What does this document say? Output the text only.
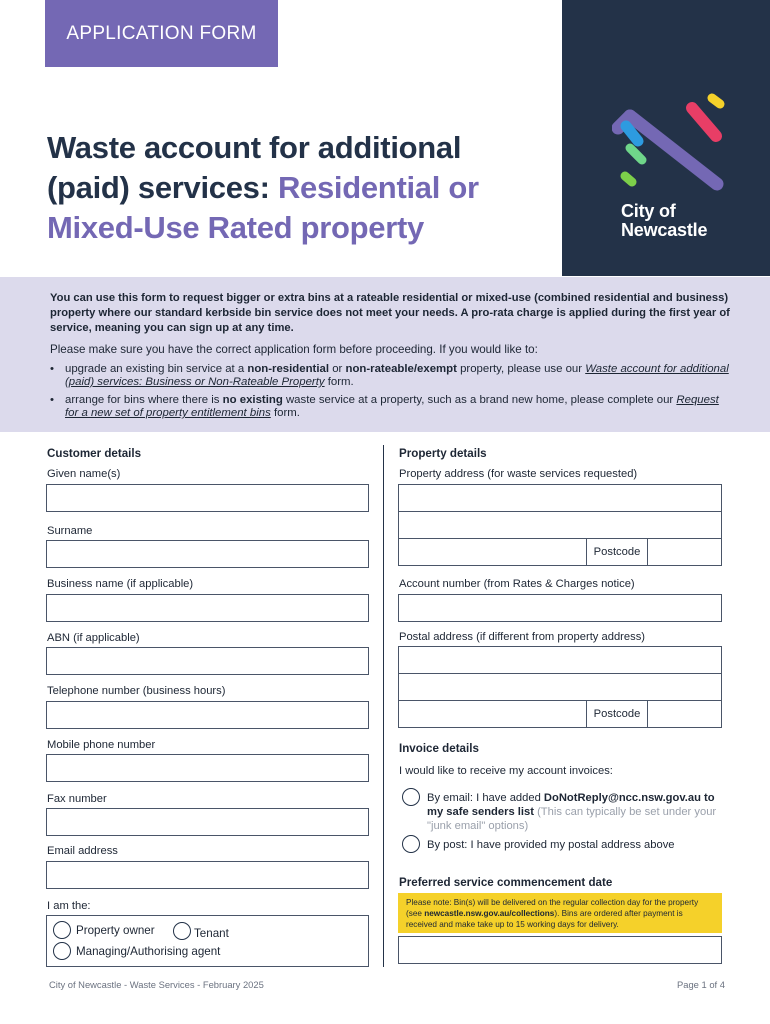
APPLICATION FORM
City of
Newcastle
Waste account for additional (paid) services: Residential or Mixed-Use Rated property

You can use this form to request bigger or extra bins at a rateable residential or mixed-use (combined residential and business) property where our standard kerbside bin service does not meet your needs. A pro-rata charge is applied during the first year of service, meaning you can sign up at any time.

Please make sure you have the correct application form before proceeding. If you would like to:

• upgrade an existing bin service at a non-residential or non-rateable/exempt property, please use our Waste account for additional (paid) services: Business or Non-Rateable Property form.
• arrange for bins where there is no existing waste service at a property, such as a brand new home, please complete our Request for a new set of property entitlement bins form.
Customer details
Given name(s)
Surname
Business name (if applicable)
ABN (if applicable)
Telephone number (business hours)
Mobile phone number
Fax number
Email address
I am the:
Property owner	Tenant
Managing/Authorising agent
Property details
Property address (for waste services requested)
Postcode
Account number (from Rates & Charges notice)
Postal address (if different from property address)
Postcode
Invoice details
I would like to receive my account invoices:
By email: I have added DoNotReply@ncc.nsw.gov.au to my safe senders list (This can typically be set under your "junk email" options)
By post: I have provided my postal address above
Preferred service commencement date
Please note: Bin(s) will be delivered on the regular collection day for the property (see newcastle.nsw.gov.au/collections). Bins are ordered after payment is received and make take up to 15 working days for delivery.
City of Newcastle - Waste Services - February 2025	Page 1 of 4
